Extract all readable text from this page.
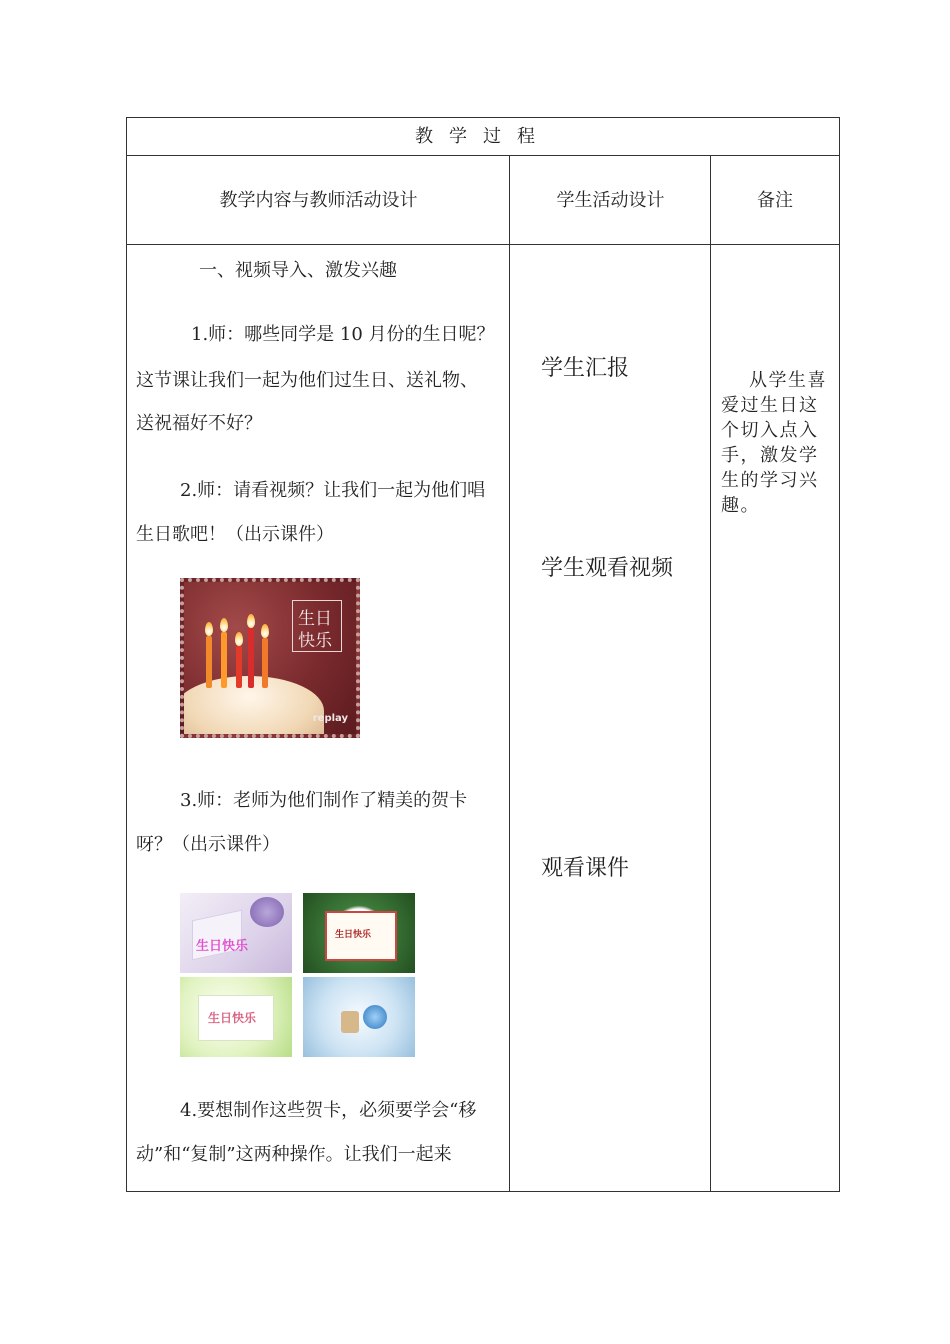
教学过程
教学内容与教师活动设计	学生活动设计	备注

一、视频导入、激发兴趣

1.师：哪些同学是 10 月份的生日呢？

这节课让我们一起为他们过生日、送礼物、

送祝福好不好？

2.师：请看视频？让我们一起为他们唱

生日歌吧！（出示课件）

生日
快乐
replay

3.师：老师为他们制作了精美的贺卡

呀？（出示课件）

生日快乐
生日快乐
生日快乐

4.要想制作这些贺卡，必须要学会“移

动”和“复制”这两种操作。让我们一起来

学生汇报
学生观看视频
观看课件
从学生喜爱过生日这个切入点入手，激发学生的学习兴趣。
